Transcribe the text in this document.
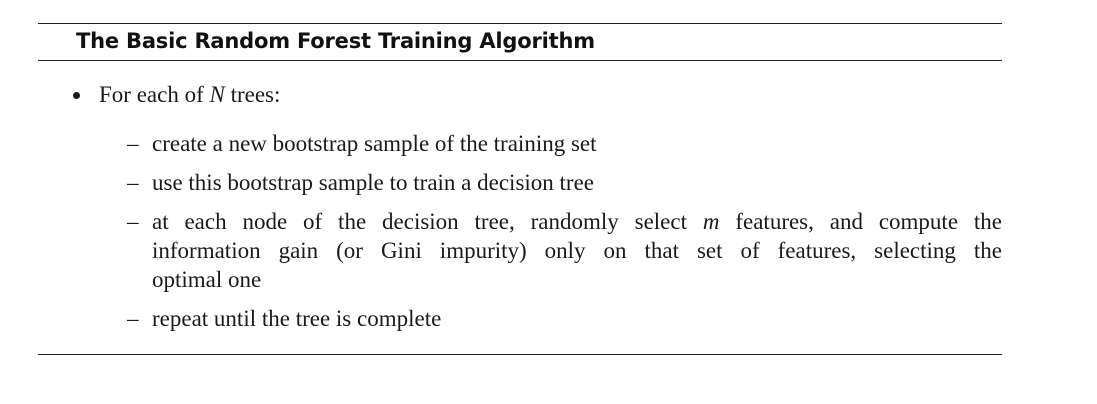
The Basic Random Forest Training Algorithm
For each of N trees:
– create a new bootstrap sample of the training set
– use this bootstrap sample to train a decision tree
– at each node of the decision tree, randomly select m features, and compute the
information gain (or Gini impurity) only on that set of features, selecting the
optimal one
– repeat until the tree is complete
